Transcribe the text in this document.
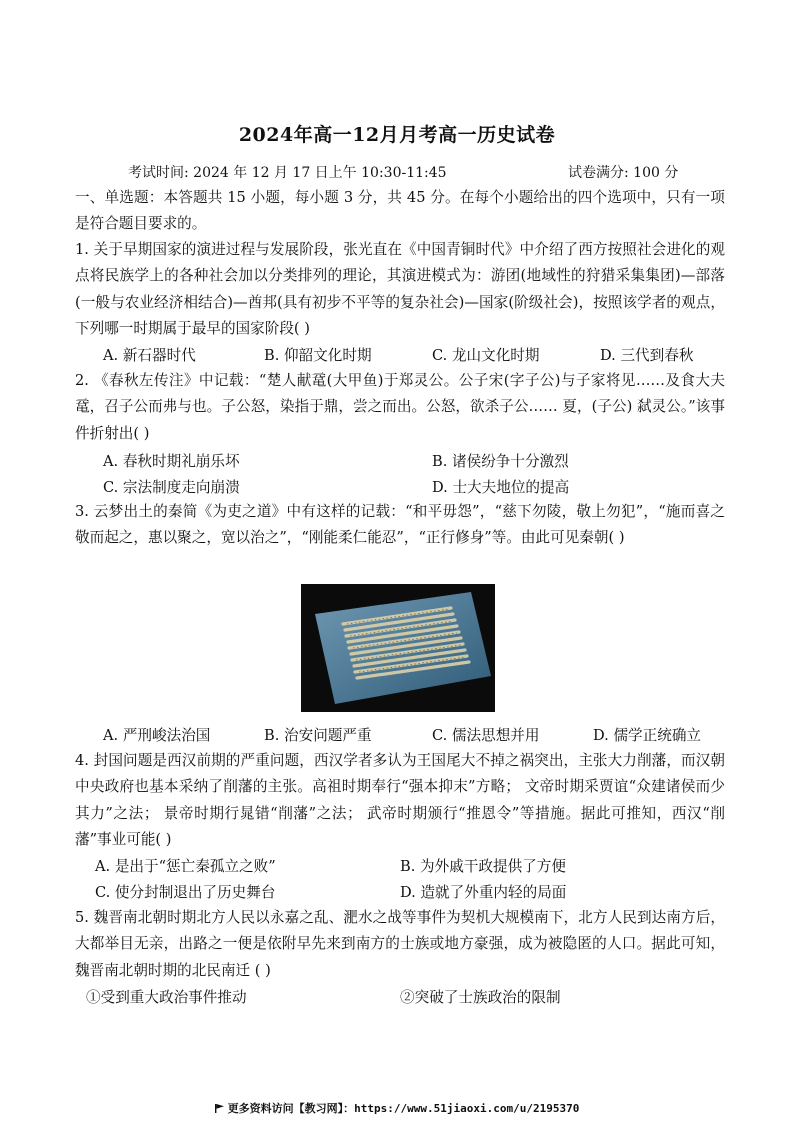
2024年高一12月月考高一历史试卷
考试时间: 2024 年 12 月 17 日上午 10:30-11:45	试卷满分: 100 分
一、单选题：本答题共 15 小题，每小题 3 分，共 45 分。在每个小题给出的四个选项中，只有一项是符合题目要求的。
1. 关于早期国家的演进过程与发展阶段，张光直在《中国青铜时代》中介绍了西方按照社会进化的观点将民族学上的各种社会加以分类排列的理论，其演进模式为：游团(地域性的狩猎采集集团)—部落(一般与农业经济相结合)—酋邦(具有初步不平等的复杂社会)—国家(阶级社会)，按照该学者的观点，下列哪一时期属于最早的国家阶段( )
A. 新石器时代	B. 仰韶文化时期	C. 龙山文化时期	D. 三代到春秋
2. 《春秋左传注》中记载：“楚人献鼋(大甲鱼)于郑灵公。公子宋(字子公)与子家将见……及食大夫鼋，召子公而弗与也。子公怒，染指于鼎，尝之而出。公怒，欲杀子公…… 夏，(子公) 弑灵公。”该事件折射出( )
A. 春秋时期礼崩乐坏	B. 诸侯纷争十分激烈
C. 宗法制度走向崩溃	D. 士大夫地位的提高
3. 云梦出土的秦简《为吏之道》中有这样的记载：“和平毋怨”，“慈下勿陵，敬上勿犯”，“施而喜之敬而起之，惠以聚之，宽以治之”，“刚能柔仁能忍”，“正行修身”等。由此可见秦朝( )
A. 严刑峻法治国	B. 治安问题严重	C. 儒法思想并用	D. 儒学正统确立
4. 封国问题是西汉前期的严重问题，西汉学者多认为王国尾大不掉之祸突出，主张大力削藩，而汉朝中央政府也基本采纳了削藩的主张。高祖时期奉行“强本抑末”方略； 文帝时期采贾谊“众建诸侯而少其力”之法； 景帝时期行晁错“削藩”之法； 武帝时期颁行“推恩令”等措施。据此可推知，西汉“削藩”事业可能( )
A. 是出于“惩亡秦孤立之败”	B. 为外戚干政提供了方便
C. 使分封制退出了历史舞台	D. 造就了外重内轻的局面
5. 魏晋南北朝时期北方人民以永嘉之乱、淝水之战等事件为契机大规模南下，北方人民到达南方后，大都举目无亲，出路之一便是依附早先来到南方的士族或地方豪强，成为被隐匿的人口。据此可知，魏晋南北朝时期的北民南迁 ( )
①受到重大政治事件推动	②突破了士族政治的限制
更多资料访问【教习网】：https://www.51jiaoxi.com/u/2195370
